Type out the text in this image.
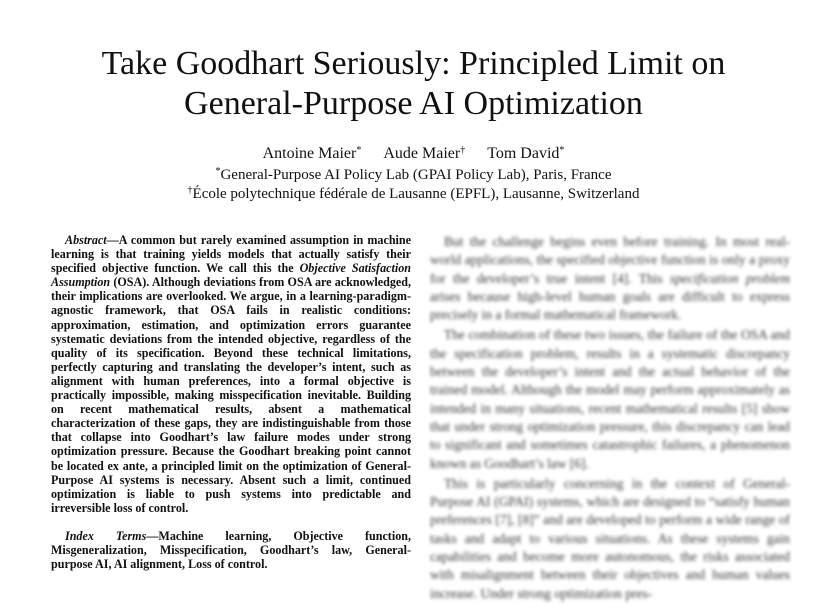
Take Goodhart Seriously: Principled Limit on
General-Purpose AI Optimization
Antoine Maier* Aude Maier† Tom David*
*General-Purpose AI Policy Lab (GPAI Policy Lab), Paris, France
†École polytechnique fédérale de Lausanne (EPFL), Lausanne, Switzerland

Abstract—A common but rarely examined assumption in machine learning is that training yields models that actually satisfy their specified objective function. We call this the Objective Satisfaction Assumption (OSA). Although deviations from OSA are acknowledged, their implications are overlooked. We argue, in a learning-paradigm-agnostic framework, that OSA fails in realistic conditions: approximation, estimation, and optimization errors guarantee systematic deviations from the intended objective, regardless of the quality of its specification. Beyond these technical limitations, perfectly capturing and translating the developer’s intent, such as alignment with human preferences, into a formal objective is practically impossible, making misspecification inevitable. Building on recent mathematical results, absent a mathematical characterization of these gaps, they are indistinguishable from those that collapse into Goodhart’s law failure modes under strong optimization pressure. Because the Goodhart breaking point cannot be located ex ante, a principled limit on the optimization of General-Purpose AI systems is necessary. Absent such a limit, continued optimization is liable to push systems into predictable and irreversible loss of control.

Index Terms—Machine learning, Objective function, Misgeneralization, Misspecification, Goodhart’s law, General-purpose AI, AI alignment, Loss of control.

But the challenge begins even before training. In most real-world applications, the specified objective function is only a proxy for the developer’s true intent [4]. This specification problem arises because high-level human goals are difficult to express precisely in a formal mathematical framework.

The combination of these two issues, the failure of the OSA and the specification problem, results in a systematic discrepancy between the developer’s intent and the actual behavior of the trained model. Although the model may perform approximately as intended in many situations, recent mathematical results [5] show that under strong optimization pressure, this discrepancy can lead to significant and sometimes catastrophic failures, a phenomenon known as Goodhart’s law [6].

This is particularly concerning in the context of General-Purpose AI (GPAI) systems, which are designed to “satisfy human preferences [7], [8]” and are developed to perform a wide range of tasks and adapt to various situations. As these systems gain capabilities and become more autonomous, the risks associated with misalignment between their objectives and human values increase. Under strong optimization pres-
